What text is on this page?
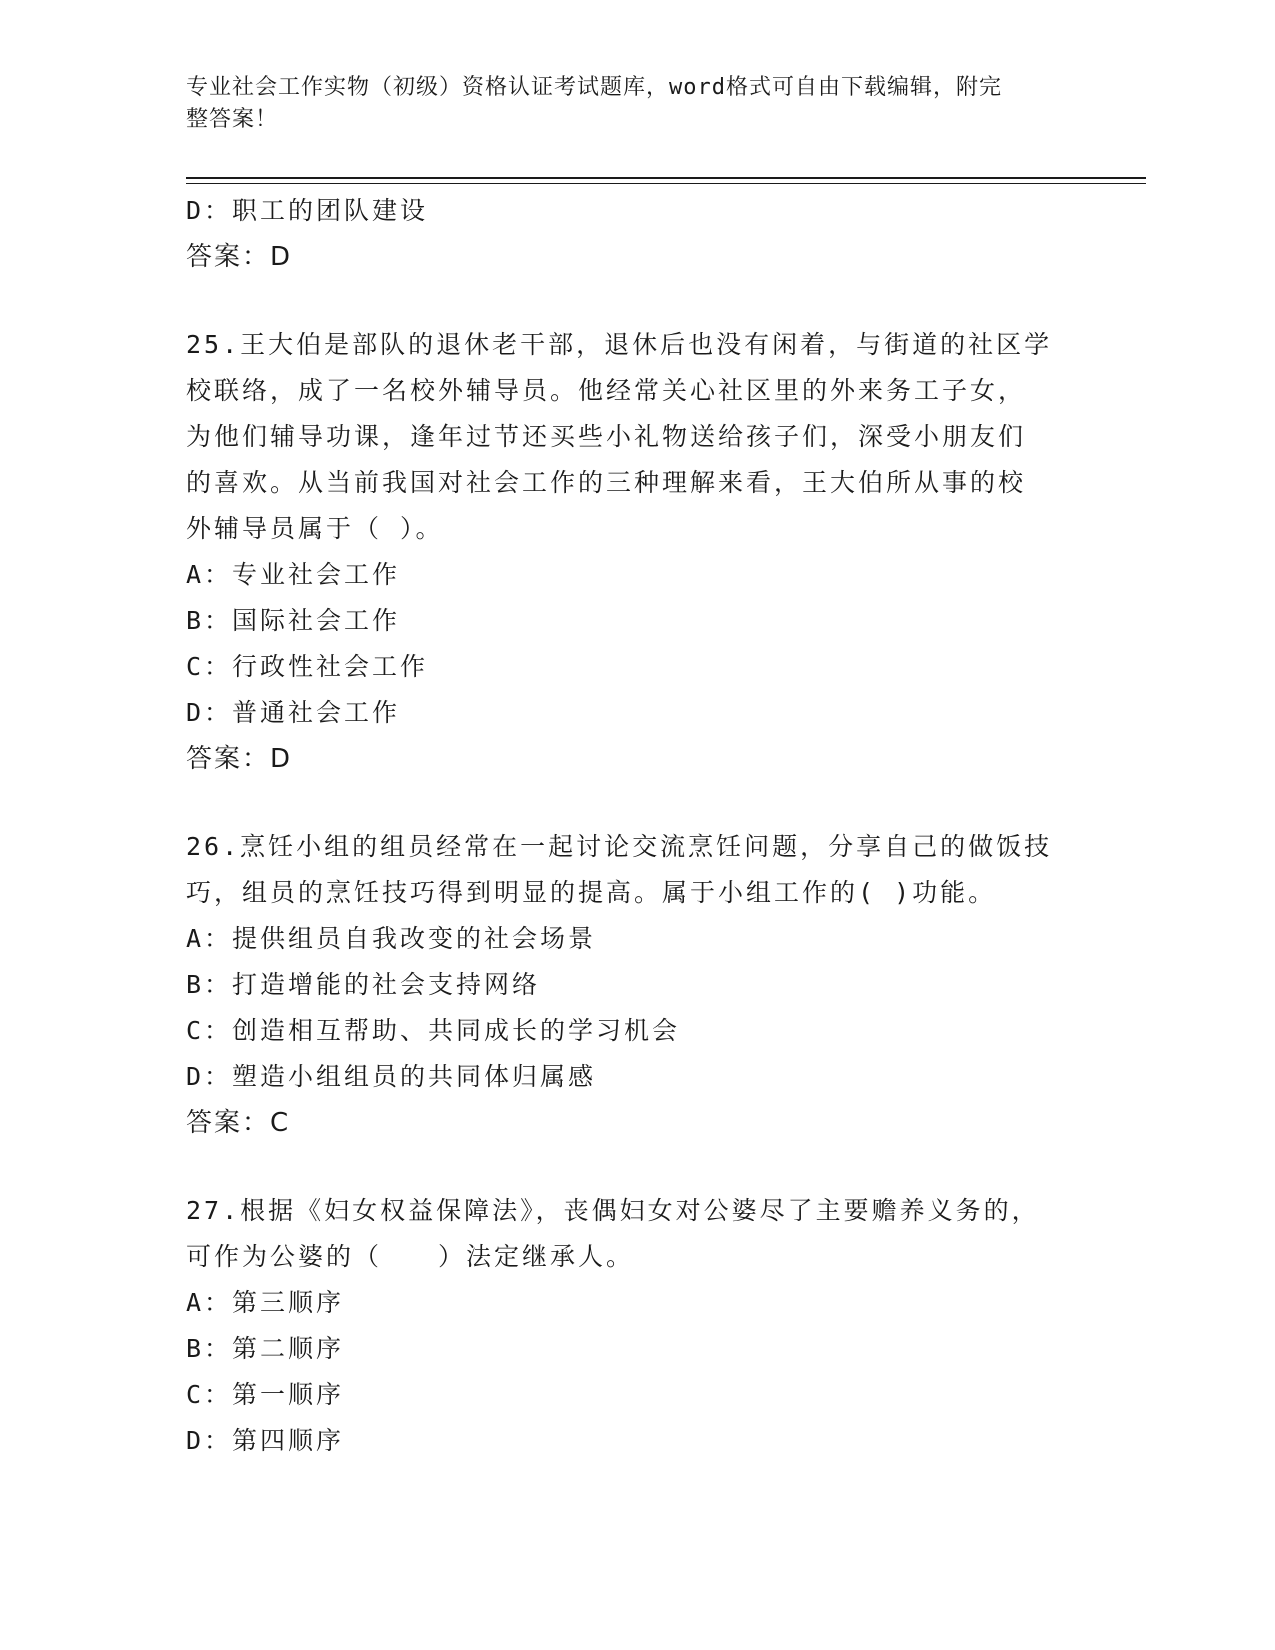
专业社会工作实物（初级）资格认证考试题库，word格式可自由下载编辑，附完
整答案！
D：职工的团队建设
答案：D
25.王大伯是部队的退休老干部，退休后也没有闲着，与街道的社区学
校联络，成了一名校外辅导员。他经常关心社区里的外来务工子女，
为他们辅导功课，逢年过节还买些小礼物送给孩子们，深受小朋友们
的喜欢。从当前我国对社会工作的三种理解来看，王大伯所从事的校
外辅导员属于（ ）。
A：专业社会工作
B：国际社会工作
C：行政性社会工作
D：普通社会工作
答案：D
26.烹饪小组的组员经常在一起讨论交流烹饪问题，分享自己的做饭技
巧，组员的烹饪技巧得到明显的提高。属于小组工作的( )功能。
A：提供组员自我改变的社会场景
B：打造增能的社会支持网络
C：创造相互帮助、共同成长的学习机会
D：塑造小组组员的共同体归属感
答案：C
27.根据《妇女权益保障法》，丧偶妇女对公婆尽了主要赡养义务的，
可作为公婆的（　　）法定继承人。
A：第三顺序
B：第二顺序
C：第一顺序
D：第四顺序
